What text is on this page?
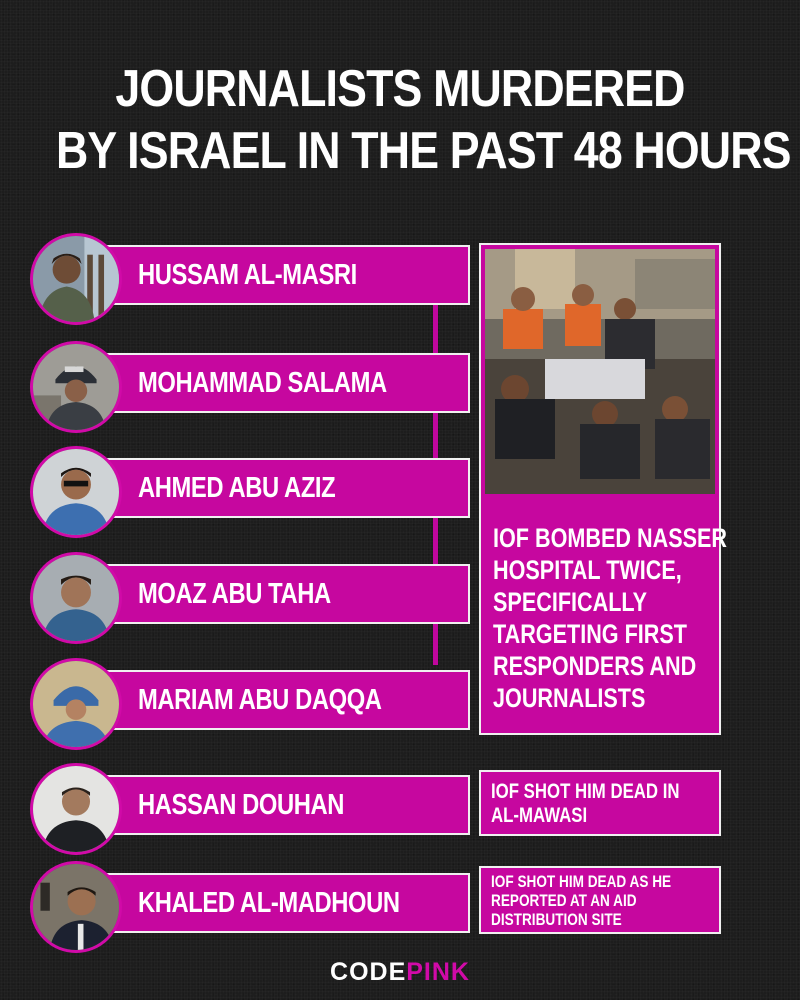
JOURNALISTS MURDERED
BY ISRAEL IN THE PAST 48 HOURS
HUSSAM AL-MASRI
MOHAMMAD SALAMA
AHMED ABU AZIZ
MOAZ ABU TAHA
MARIAM ABU DAQQA
HASSAN DOUHAN
KHALED AL-MADHOUN
IOF BOMBED NASSER
HOSPITAL TWICE,
SPECIFICALLY
TARGETING FIRST
RESPONDERS AND
JOURNALISTS
IOF SHOT HIM DEAD IN
AL-MAWASI
IOF SHOT HIM DEAD AS HE
REPORTED AT AN AID
DISTRIBUTION SITE
CODEPINK
